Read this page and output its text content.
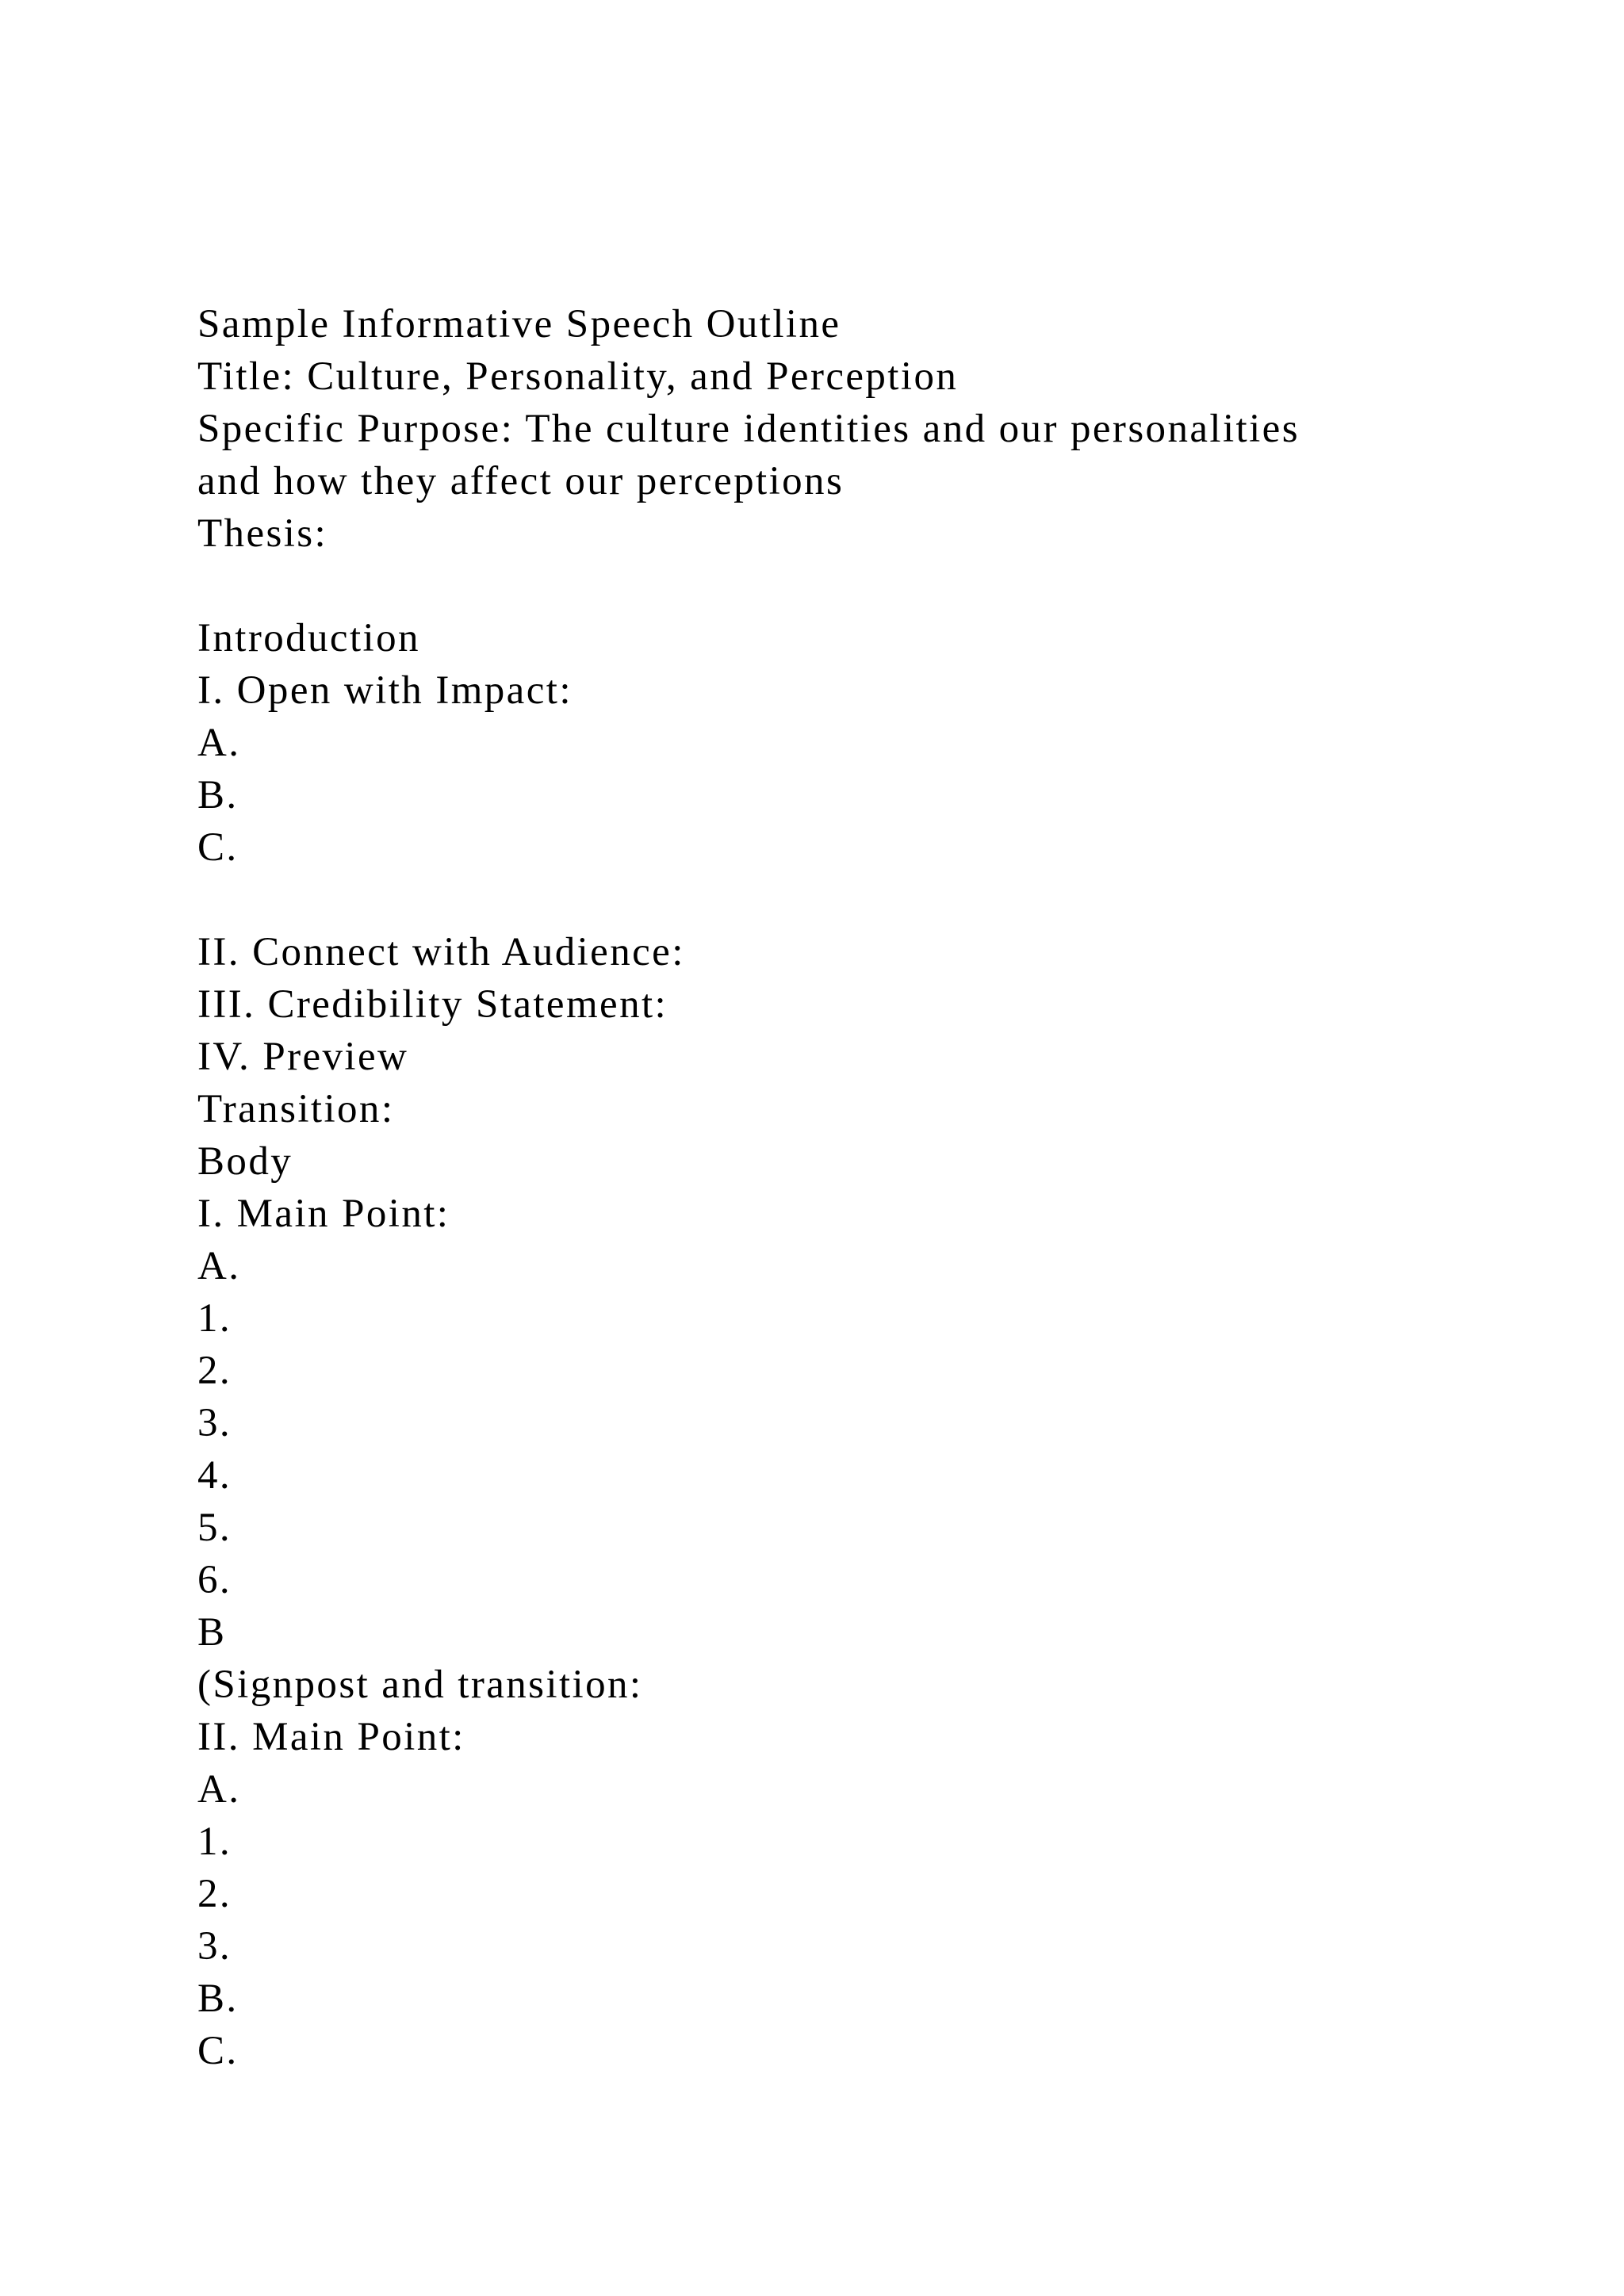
Sample Informative Speech Outline
Title: Culture, Personality, and Perception
Specific Purpose: The culture identities and our personalities
and how they affect our perceptions
Thesis:
Introduction
I. Open with Impact:
A.
B.
C.
II. Connect with Audience:
III. Credibility Statement:
IV. Preview
Transition:
Body
I. Main Point:
A.
1.
2.
3.
4.
5.
6.
B
(Signpost and transition:
II. Main Point:
A.
1.
2.
3.
B.
C.
